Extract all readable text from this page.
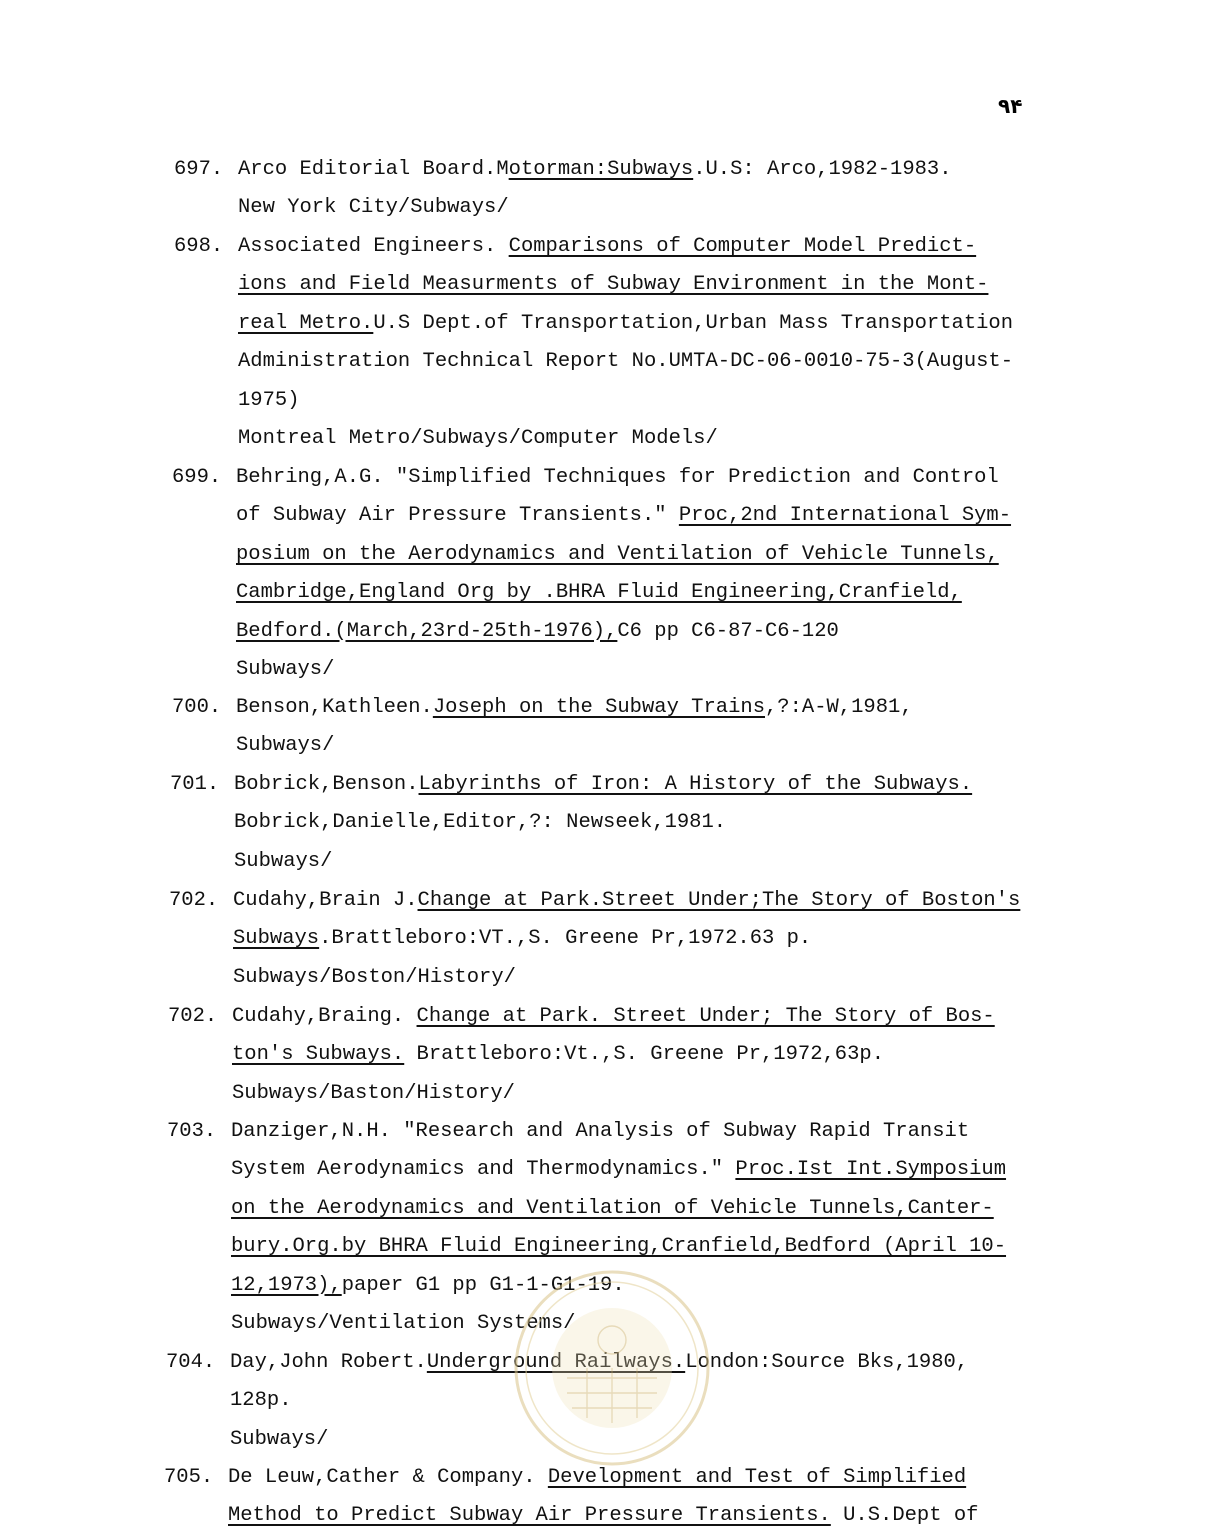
۹۴
697. Arco Editorial Board.Motorman:Subways.U.S: Arco,1982-1983.
New York City/Subways/
698. Associated Engineers. Comparisons of Computer Model Predict-
ions and Field Measurments of Subway Environment in the Mont-
real Metro.U.S Dept.of Transportation,Urban Mass Transportation
Administration Technical Report No.UMTA-DC-06-0010-75-3(August-
1975)
Montreal Metro/Subways/Computer Models/
699. Behring,A.G. "Simplified Techniques for Prediction and Control
of Subway Air Pressure Transients." Proc,2nd International Sym-
posium on the Aerodynamics and Ventilation of Vehicle Tunnels,
Cambridge,England Org by .BHRA Fluid Engineering,Cranfield,
Bedford.(March,23rd-25th-1976),C6 pp C6-87-C6-120
Subways/
700. Benson,Kathleen.Joseph on the Subway Trains,?:A-W,1981,
Subways/
701. Bobrick,Benson.Labyrinths of Iron: A History of the Subways.
Bobrick,Danielle,Editor,?: Newseek,1981.
Subways/
702. Cudahy,Brain J.Change at Park.Street Under;The Story of Boston's
Subways.Brattleboro:VT.,S. Greene Pr,1972.63 p.
Subways/Boston/History/
702. Cudahy,Braing. Change at Park. Street Under; The Story of Bos-
ton's Subways. Brattleboro:Vt.,S. Greene Pr,1972,63p.
Subways/Baston/History/
703. Danziger,N.H. "Research and Analysis of Subway Rapid Transit
System Aerodynamics and Thermodynamics." Proc.Ist Int.Symposium
on the Aerodynamics and Ventilation of Vehicle Tunnels,Canter-
bury.Org.by BHRA Fluid Engineering,Cranfield,Bedford (April 10-
12,1973),paper G1 pp G1-1-G1-19.
Subways/Ventilation Systems/
704. Day,John Robert.Underground Railways.London:Source Bks,1980,
128p.
Subways/
705. De Leuw,Cather & Company. Development and Test of Simplified
Method to Predict Subway Air Pressure Transients. U.S.Dept of
